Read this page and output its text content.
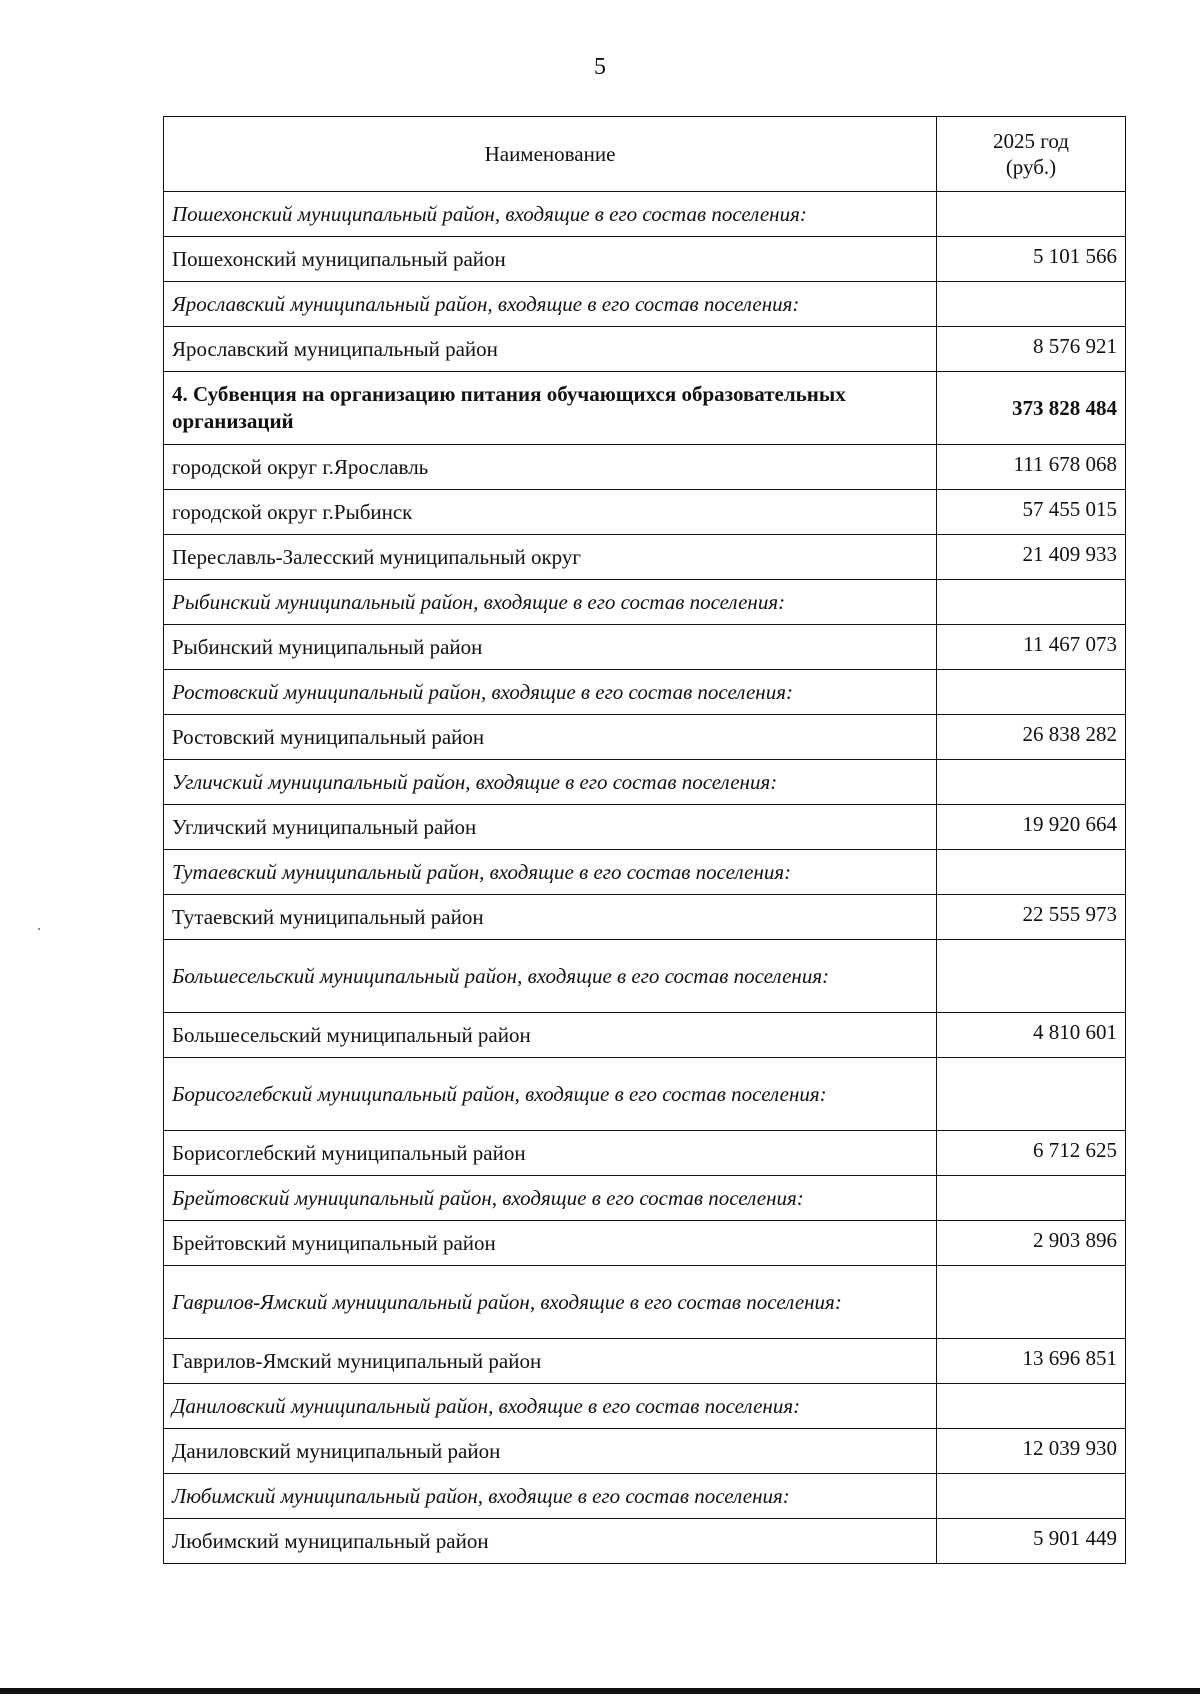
5
Наименование	2025 год
(руб.)
Пошехонский муниципальный район, входящие в его состав поселения:	
Пошехонский муниципальный район	5 101 566
Ярославский муниципальный район, входящие в его состав поселения:	
Ярославский муниципальный район	8 576 921
4. Субвенция на организацию питания обучающихся образовательных организаций	373 828 484
городской округ г.Ярославль	111 678 068
городской округ г.Рыбинск	57 455 015
Переславль-Залесский муниципальный округ	21 409 933
Рыбинский муниципальный район, входящие в его состав поселения:	
Рыбинский муниципальный район	11 467 073
Ростовский муниципальный район, входящие в его состав поселения:	
Ростовский муниципальный район	26 838 282
Угличский муниципальный район, входящие в его состав поселения:	
Угличский муниципальный район	19 920 664
Тутаевский муниципальный район, входящие в его состав поселения:	
Тутаевский муниципальный район	22 555 973
Большесельский муниципальный район, входящие в его состав поселения:	
Большесельский муниципальный район	4 810 601
Борисоглебский муниципальный район, входящие в его состав поселения:	
Борисоглебский муниципальный район	6 712 625
Брейтовский муниципальный район, входящие в его состав поселения:	
Брейтовский муниципальный район	2 903 896
Гаврилов-Ямский муниципальный район, входящие в его состав поселения:	
Гаврилов-Ямский муниципальный район	13 696 851
Даниловский муниципальный район, входящие в его состав поселения:	
Даниловский муниципальный район	12 039 930
Любимский муниципальный район, входящие в его состав поселения:	
Любимский муниципальный район	5 901 449
